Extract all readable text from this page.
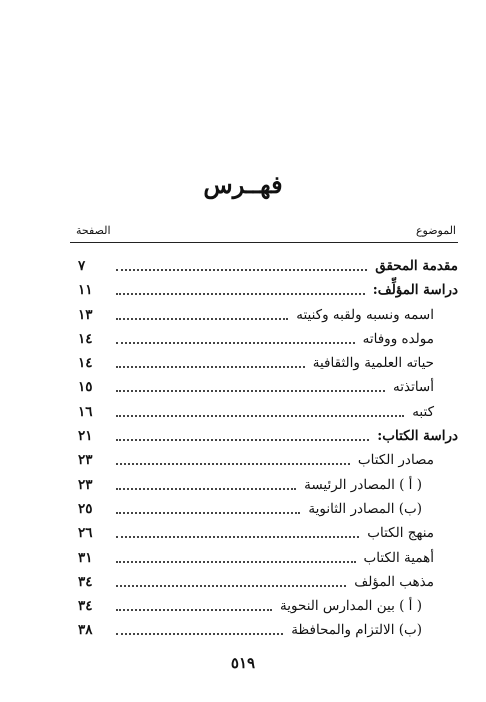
فهــرس
الموضوع
الصفحة
مقدمة المحقق
٧
دراسة المؤلِّف:
١١
اسمه ونسبه ولقبه وكنيته
١٣
مولده ووفاته
١٤
حياته العلمية والثقافية
١٤
أساتذته
١٥
كتبه
١٦
دراسة الكتاب:
٢١
مصادر الكتاب
٢٣
( أ ) المصادر الرئيسة
٢٣
(ب) المصادر الثانوية
٢٥
منهج الكتاب
٢٦
أهمية الكتاب
٣١
مذهب المؤلف
٣٤
( أ ) بين المدارس النحوية
٣٤
(ب) الالتزام والمحافظة
٣٨
٥١٩
